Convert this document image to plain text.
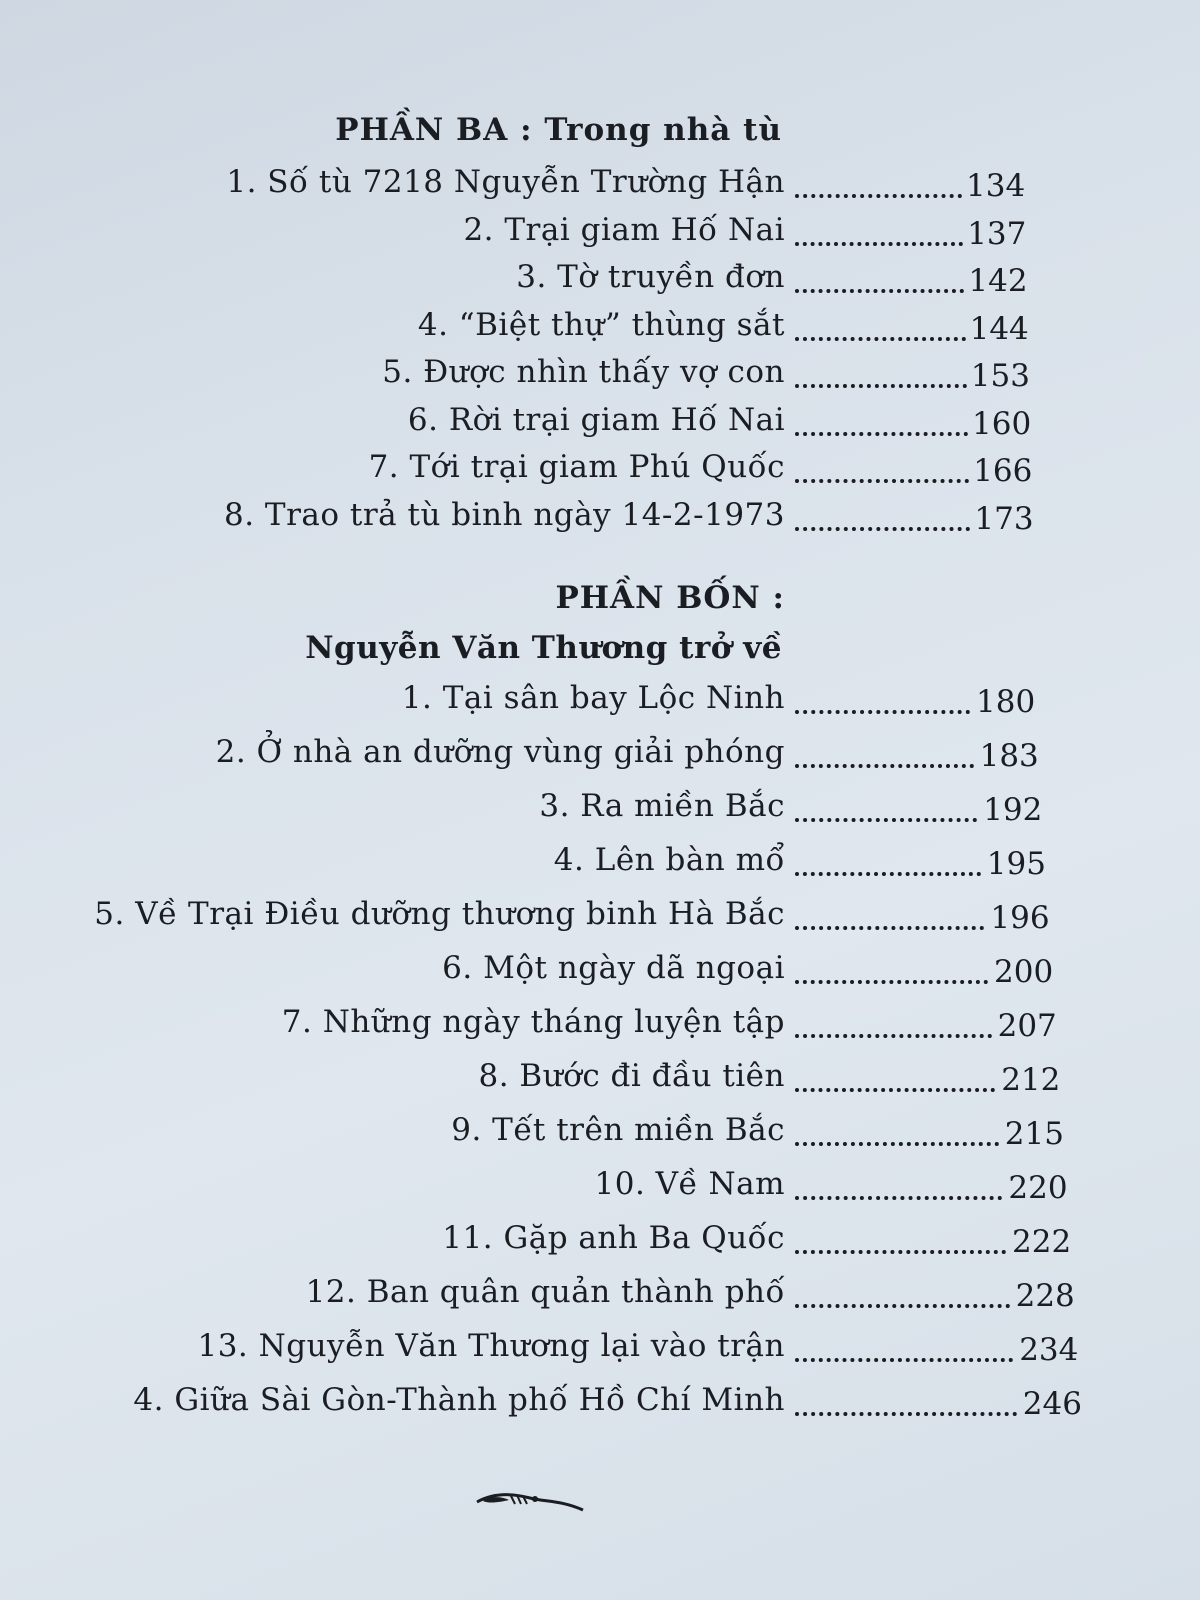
PHẦN BA : Trong nhà tù
1. Số tù 7218 Nguyễn Trường Hận	134
2. Trại giam Hố Nai	137
3. Tờ truyền đơn	142
4. “Biệt thự” thùng sắt	144
5. Được nhìn thấy vợ con	153
6. Rời trại giam Hố Nai	160
7. Tới trại giam Phú Quốc	166
8. Trao trả tù binh ngày 14-2-1973	173
PHẦN BỐN :
Nguyễn Văn Thương trở về
1. Tại sân bay Lộc Ninh	180
2. Ở nhà an dưỡng vùng giải phóng	183
3. Ra miền Bắc	192
4. Lên bàn mổ	195
5. Về Trại Điều dưỡng thương binh Hà Bắc	196
6. Một ngày dã ngoại	200
7. Những ngày tháng luyện tập	207
8. Bước đi đầu tiên	212
9. Tết trên miền Bắc	215
10. Về Nam	220
11. Gặp anh Ba Quốc	222
12. Ban quân quản thành phố	228
13. Nguyễn Văn Thương lại vào trận	234
4. Giữa Sài Gòn-Thành phố Hồ Chí Minh	246
